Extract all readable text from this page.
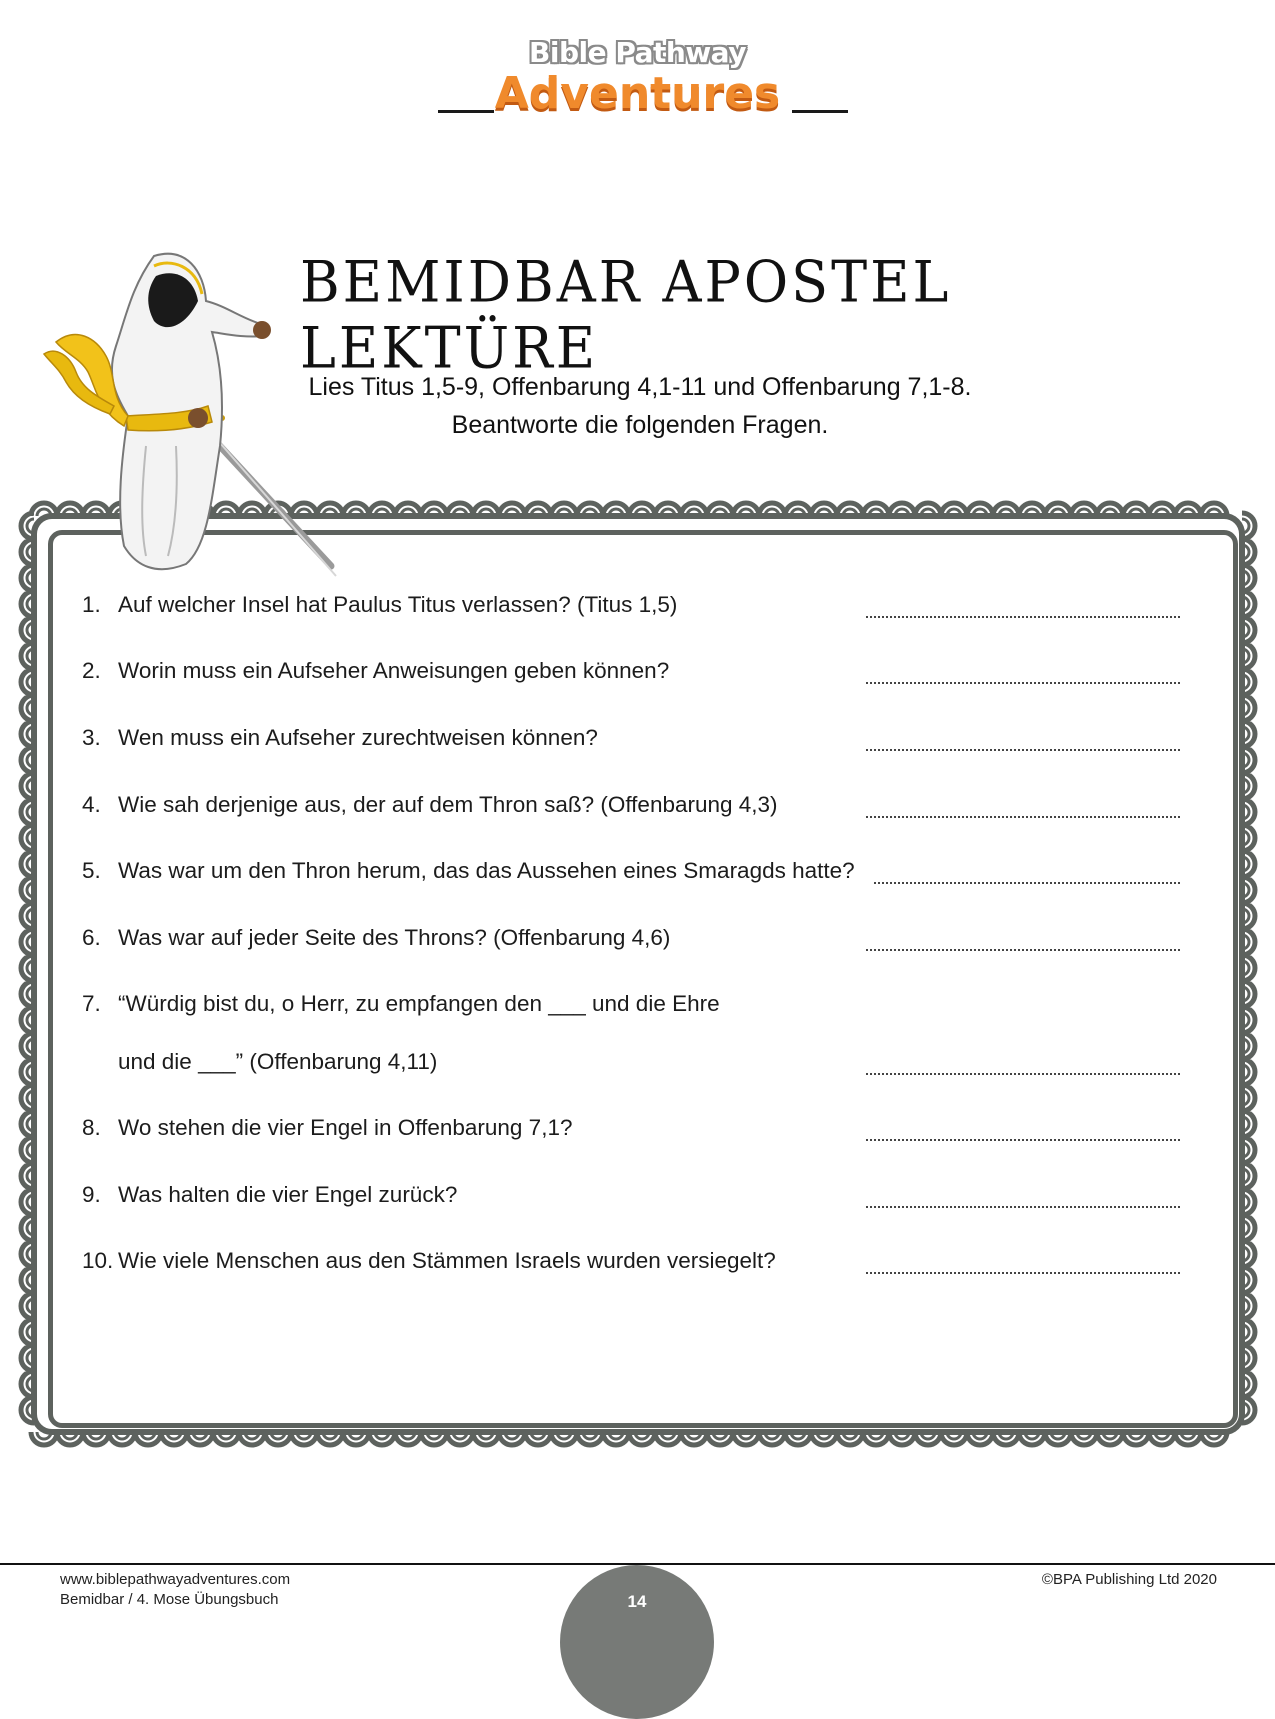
Bible Pathway
Adventures
BEMIDBAR APOSTEL LEKTÜRE
Lies Titus 1,5-9, Offenbarung 4,1-11 und Offenbarung 7,1-8.
Beantworte die folgenden Fragen.
1. Auf welcher Insel hat Paulus Titus verlassen? (Titus 1,5)
2. Worin muss ein Aufseher Anweisungen geben können?
3. Wen muss ein Aufseher zurechtweisen können?
4. Wie sah derjenige aus, der auf dem Thron saß? (Offenbarung 4,3)
5. Was war um den Thron herum, das das Aussehen eines Smaragds hatte?
6. Was war auf jeder Seite des Throns? (Offenbarung 4,6)
7. “Würdig bist du, o Herr, zu empfangen den ___ und die Ehre
und die ___” (Offenbarung 4,11)
8. Wo stehen die vier Engel in Offenbarung 7,1?
9. Was halten die vier Engel zurück?
10. Wie viele Menschen aus den Stämmen Israels wurden versiegelt?
www.biblepathwayadventures.com
Bemidbar / 4. Mose Übungsbuch
©BPA Publishing Ltd 2020
14
